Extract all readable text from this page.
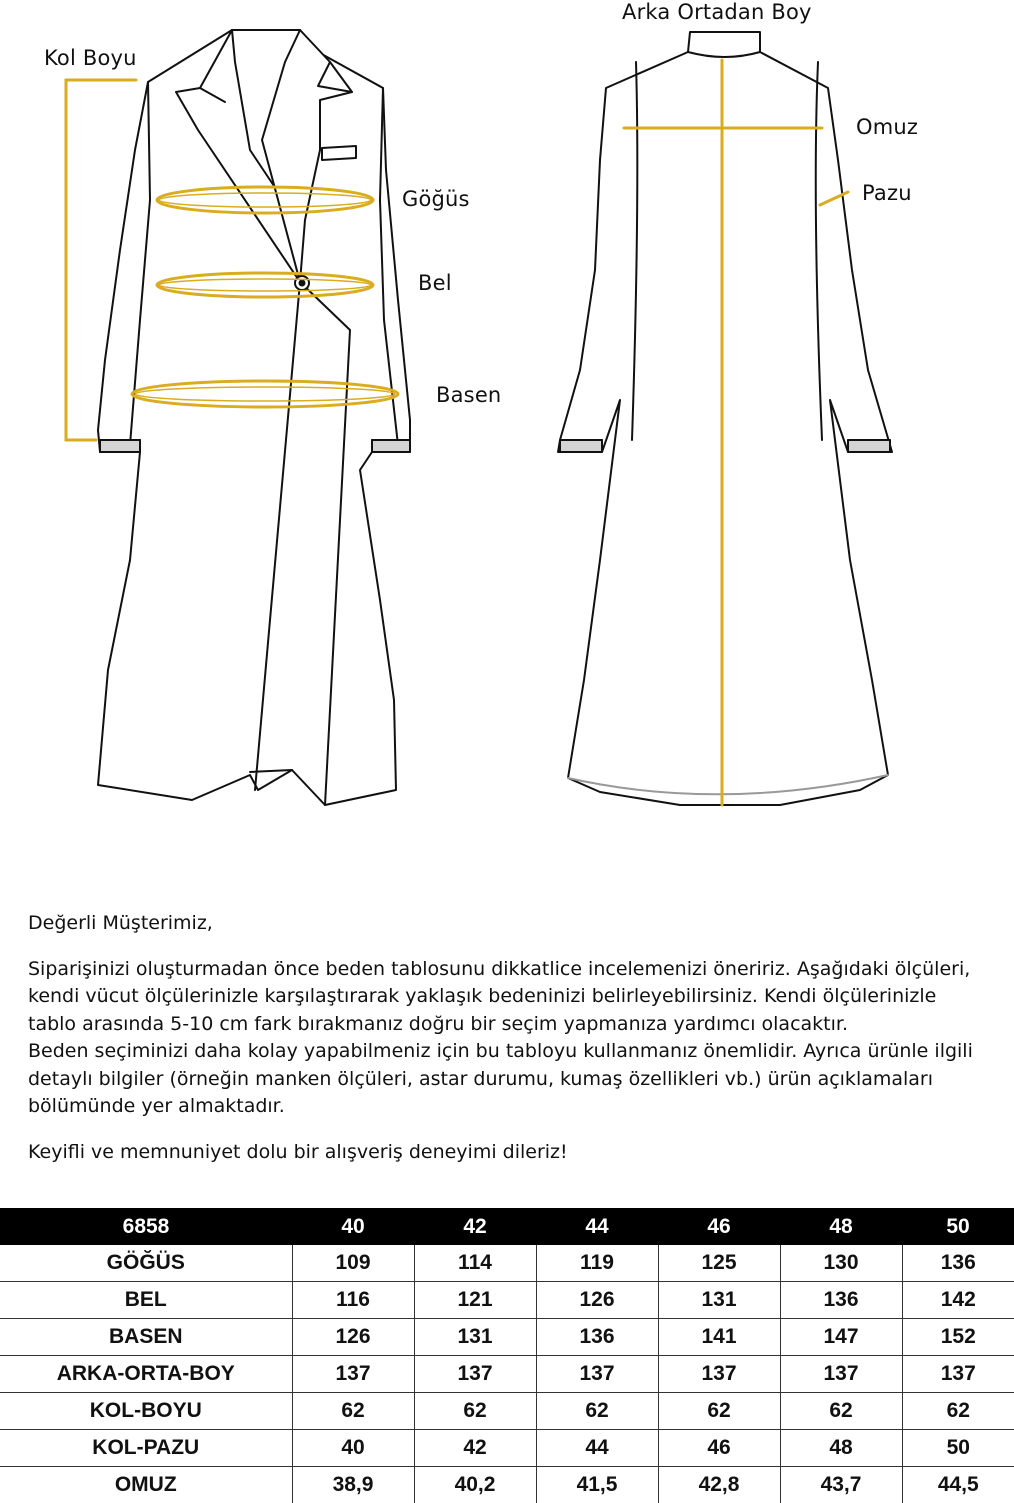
Kol Boyu
Arka Ortadan Boy
Göğüs
Bel
Basen
Omuz
Pazu

Değerli Müşterimiz,

Siparişinizi oluşturmadan önce beden tablosunu dikkatlice incelemenizi öneririz. Aşağıdaki ölçüleri, kendi vücut ölçülerinizle karşılaştırarak yaklaşık bedeninizi belirleyebilirsiniz. Kendi ölçülerinizle tablo arasında 5-10 cm fark bırakmanız doğru bir seçim yapmanıza yardımcı olacaktır.

Beden seçiminizi daha kolay yapabilmeniz için bu tabloyu kullanmanız önemlidir. Ayrıca ürünle ilgili detaylı bilgiler (örneğin manken ölçüleri, astar durumu, kumaş özellikleri vb.) ürün açıklamaları bölümünde yer almaktadır.

Keyifli ve memnuniyet dolu bir alışveriş deneyimi dileriz!

6858	40	42	44	46	48	50
GÖĞÜS	109	114	119	125	130	136
BEL	116	121	126	131	136	142
BASEN	126	131	136	141	147	152
ARKA-ORTA-BOY	137	137	137	137	137	137
KOL-BOYU	62	62	62	62	62	62
KOL-PAZU	40	42	44	46	48	50
OMUZ	38,9	40,2	41,5	42,8	43,7	44,5
